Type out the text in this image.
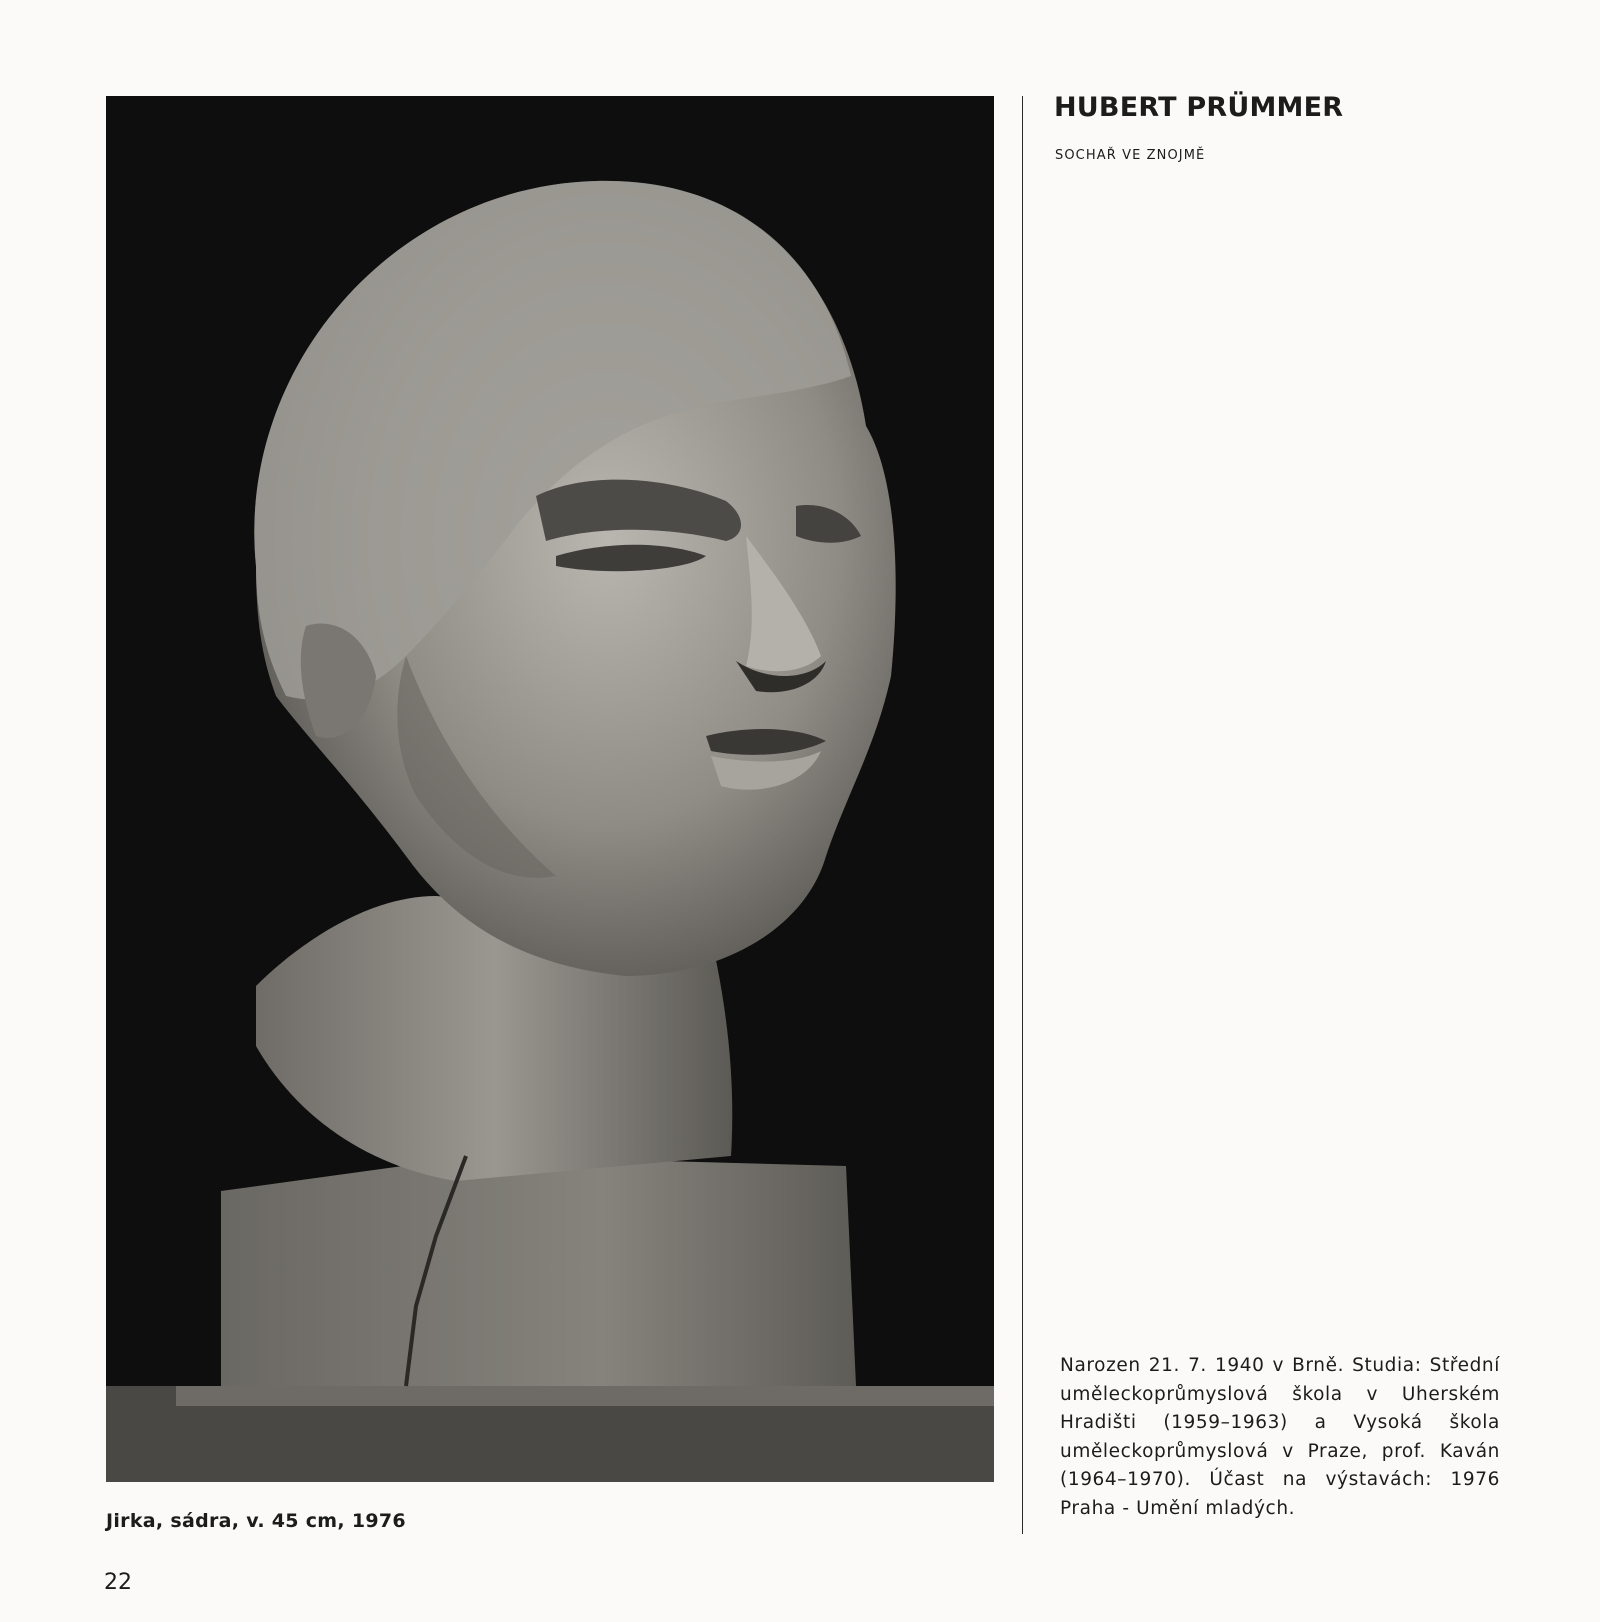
Jirka, sádra, v. 45 cm, 1976
22
HUBERT PRÜMMER
SOCHAŘ VE ZNOJMĚ
Narozen 21. 7. 1940 v Brně. Studia: Střední uměleckoprůmyslová škola v Uherském Hradišti (1959–1963) a Vysoká škola uměleckoprůmyslová v Praze, prof. Kaván (1964–1970). Účast na výstavách: 1976 Praha - Umění mladých.
